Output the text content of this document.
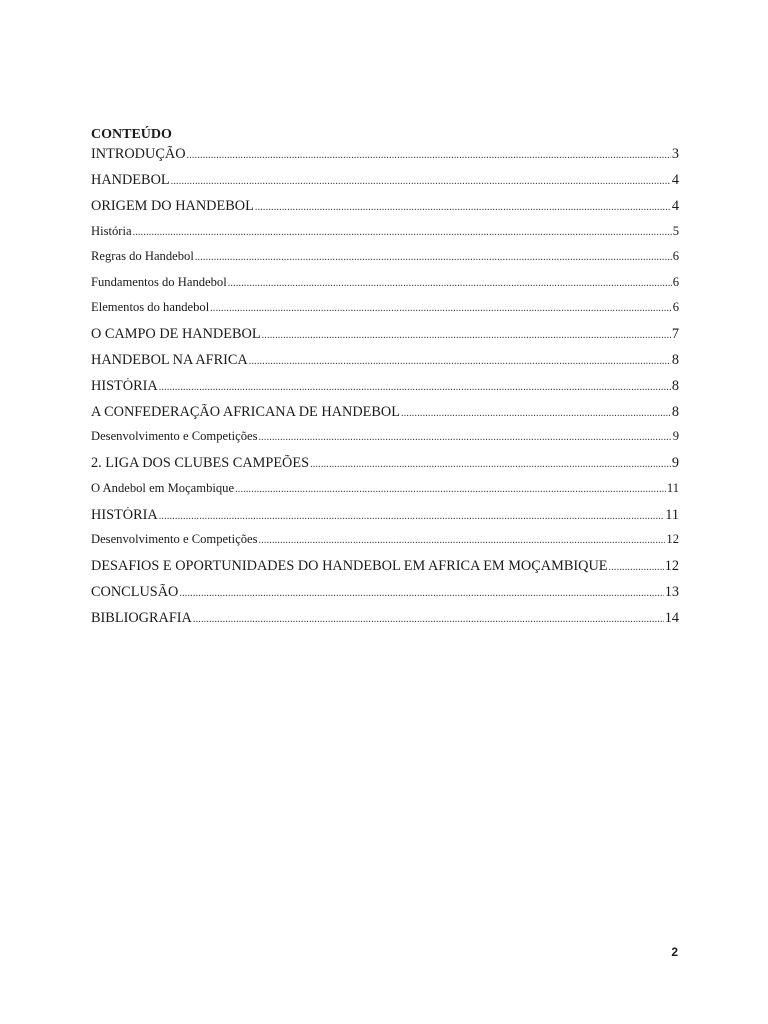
CONTEÚDO
INTRODUÇÃO .....	3
HANDEBOL .....	4
ORIGEM DO HANDEBOL .....	4
História .....	5
Regras do Handebol .....	6
Fundamentos do Handebol .....	6
Elementos do handebol .....	6
O CAMPO DE HANDEBOL .....	7
HANDEBOL NA AFRICA .....	8
HISTÓRIA .....	8
A CONFEDERAÇÃO AFRICANA DE HANDEBOL .....	8
Desenvolvimento e Competições .....	9
2. LIGA DOS CLUBES CAMPEÕES .....	9
O Andebol em Moçambique .....	11
HISTÓRIA .....	11
Desenvolvimento e Competições .....	12
DESAFIOS E OPORTUNIDADES DO HANDEBOL EM AFRICA EM MOÇAMBIQUE .....	12
CONCLUSÃO .....	13
BIBLIOGRAFIA .....	14
2
